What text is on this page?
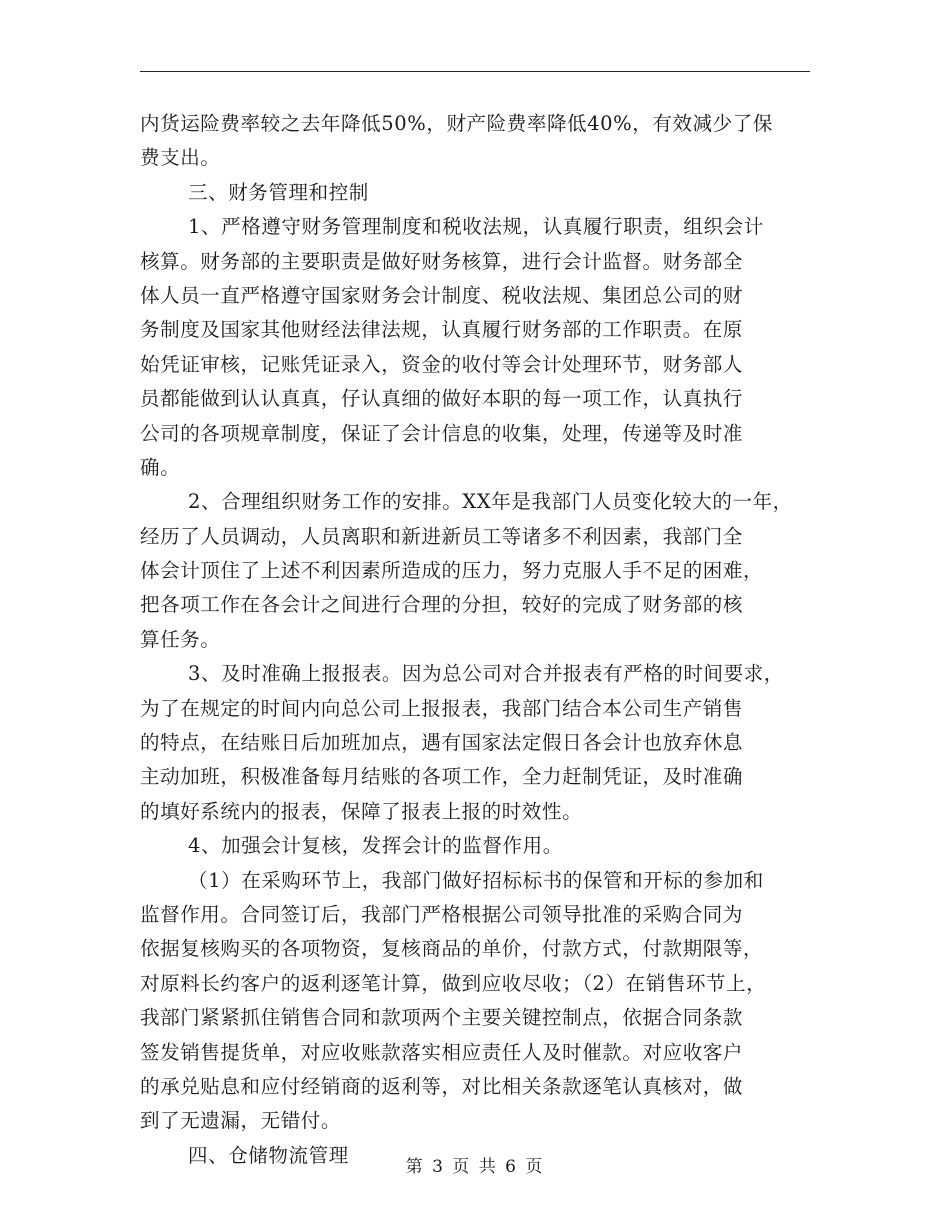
内货运险费率较之去年降低50%，财产险费率降低40%，有效减少了保
费支出。
三、财务管理和控制
1、严格遵守财务管理制度和税收法规，认真履行职责，组织会计
核算。财务部的主要职责是做好财务核算，进行会计监督。财务部全
体人员一直严格遵守国家财务会计制度、税收法规、集团总公司的财
务制度及国家其他财经法律法规，认真履行财务部的工作职责。在原
始凭证审核，记账凭证录入，资金的收付等会计处理环节，财务部人
员都能做到认认真真，仔认真细的做好本职的每一项工作，认真执行
公司的各项规章制度，保证了会计信息的收集，处理，传递等及时准
确。
2、合理组织财务工作的安排。XX年是我部门人员变化较大的一年，
经历了人员调动，人员离职和新进新员工等诸多不利因素，我部门全
体会计顶住了上述不利因素所造成的压力，努力克服人手不足的困难，
把各项工作在各会计之间进行合理的分担，较好的完成了财务部的核
算任务。
3、及时准确上报报表。因为总公司对合并报表有严格的时间要求，
为了在规定的时间内向总公司上报报表，我部门结合本公司生产销售
的特点，在结账日后加班加点，遇有国家法定假日各会计也放弃休息
主动加班，积极准备每月结账的各项工作，全力赶制凭证，及时准确
的填好系统内的报表，保障了报表上报的时效性。
4、加强会计复核，发挥会计的监督作用。
（1）在采购环节上，我部门做好招标标书的保管和开标的参加和
监督作用。合同签订后，我部门严格根据公司领导批准的采购合同为
依据复核购买的各项物资，复核商品的单价，付款方式，付款期限等，
对原料长约客户的返利逐笔计算，做到应收尽收；（2）在销售环节上，
我部门紧紧抓住销售合同和款项两个主要关键控制点，依据合同条款
签发销售提货单，对应收账款落实相应责任人及时催款。对应收客户
的承兑贴息和应付经销商的返利等，对比相关条款逐笔认真核对，做
到了无遗漏，无错付。
四、仓储物流管理
第 3 页 共 6 页
